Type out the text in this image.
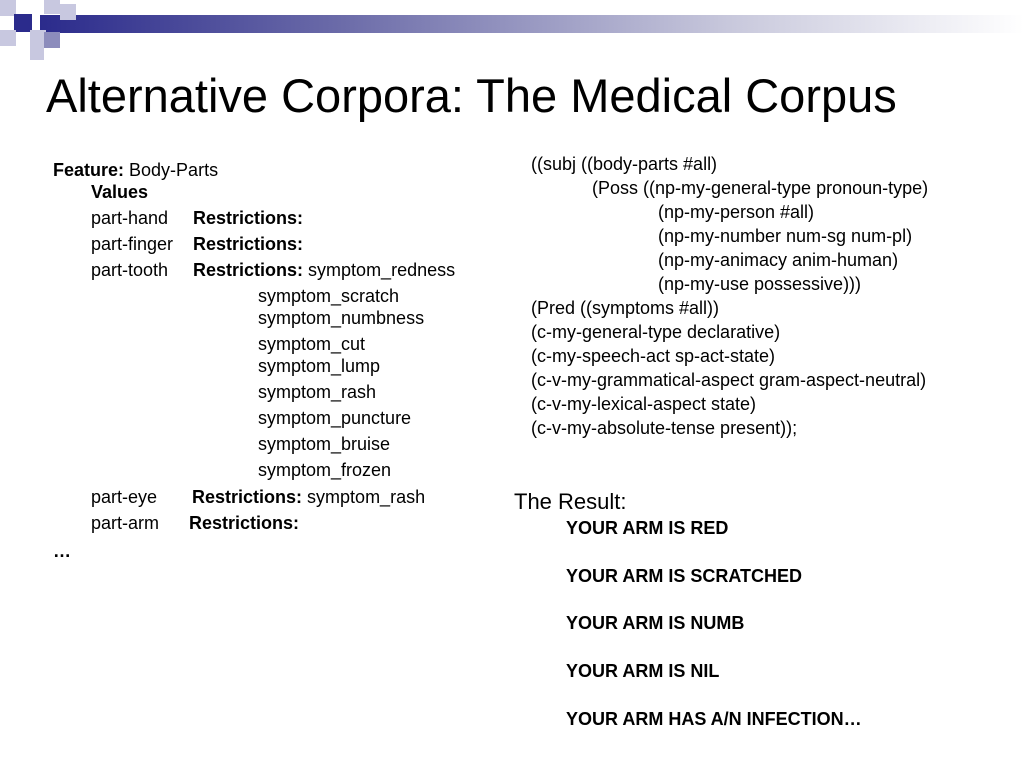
Alternative Corpora: The Medical Corpus
Feature: Body-Parts
Values
part-hand Restrictions:
part-finger Restrictions:
part-tooth Restrictions: symptom_redness
symptom_scratch
symptom_numbness
symptom_cut
symptom_lump
symptom_rash
symptom_puncture
symptom_bruise
symptom_frozen
part-eye Restrictions: symptom_rash
part-arm Restrictions:
…
((subj ((body-parts #all)
(Poss ((np-my-general-type pronoun-type)
(np-my-person #all)
(np-my-number num-sg num-pl)
(np-my-animacy anim-human)
(np-my-use possessive)))
(Pred ((symptoms #all))
(c-my-general-type declarative)
(c-my-speech-act sp-act-state)
(c-v-my-grammatical-aspect gram-aspect-neutral)
(c-v-my-lexical-aspect state)
(c-v-my-absolute-tense present));
The Result:
YOUR ARM IS RED
YOUR ARM IS SCRATCHED
YOUR ARM IS NUMB
YOUR ARM IS NIL
YOUR ARM HAS A/N INFECTION…
